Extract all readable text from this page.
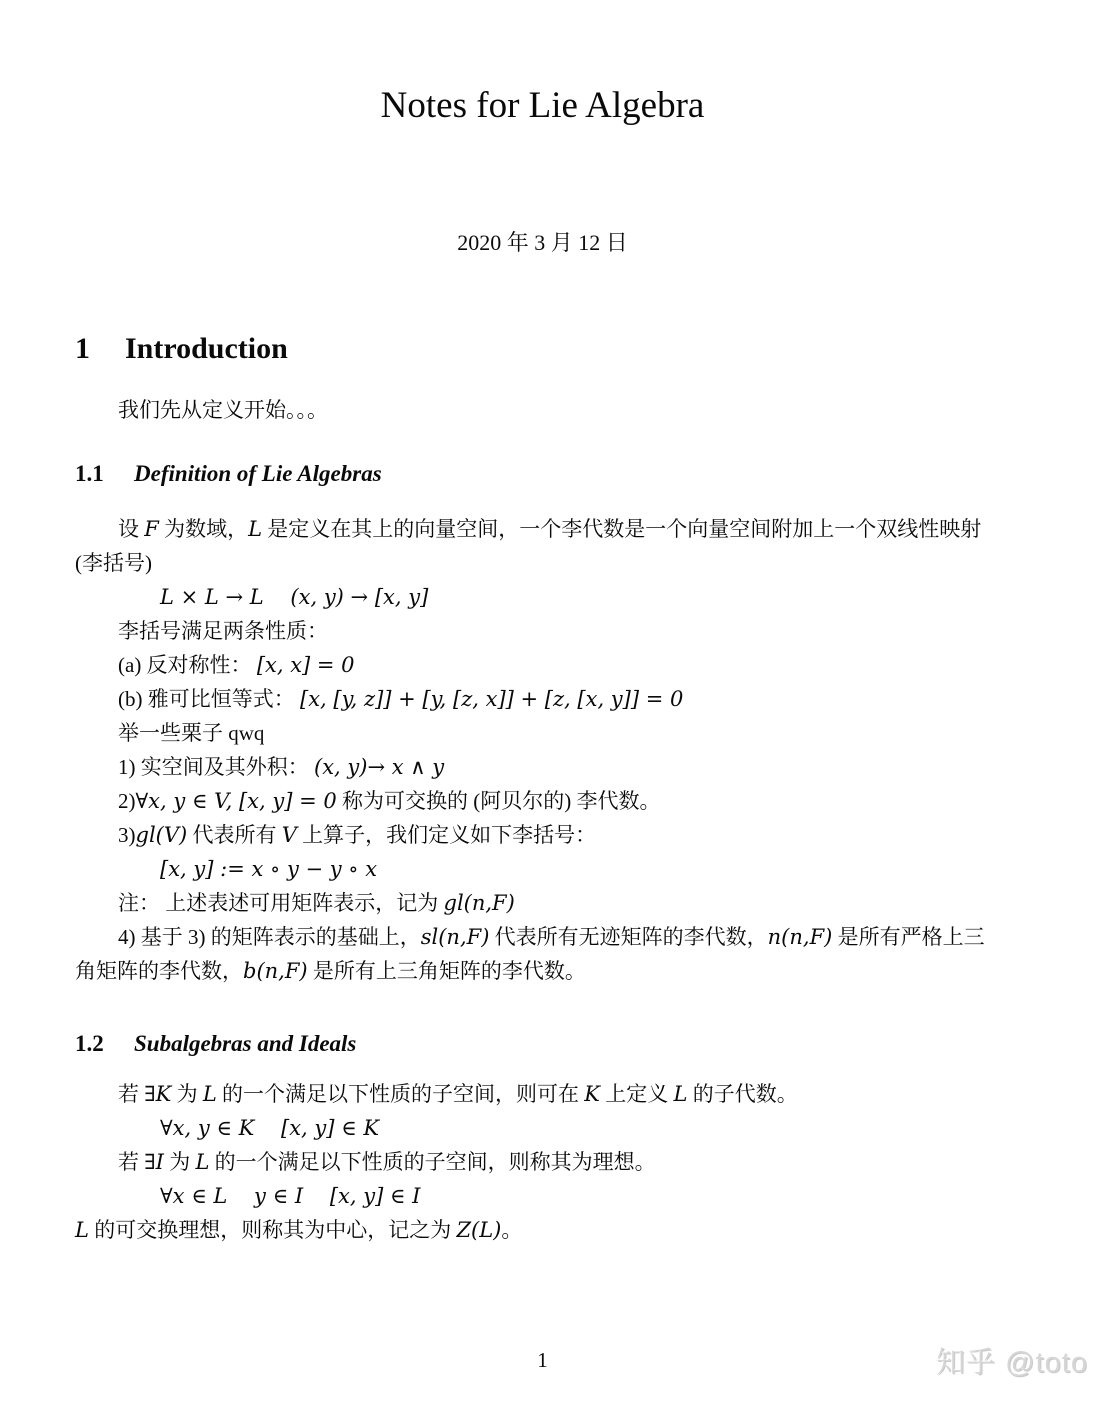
Notes for Lie Algebra
2020 年 3 月 12 日
1	Introduction

我们先从定义开始。。。

1.1	Definition of Lie Algebras

设 F 为数域，L 是定义在其上的向量空间，一个李代数是一个向量空间附加上一个双线性映射

(李括号)

L × L → L    (x, y) → [x, y]

李括号满足两条性质：

(a) 反对称性： [x, x] = 0

(b) 雅可比恒等式： [x, [y, z]] + [y, [z, x]] + [z, [x, y]] = 0

举一些栗子 qwq

1) 实空间及其外积： (x, y)→ x ∧ y

2)∀x, y ∈ V, [x, y] = 0 称为可交换的 (阿贝尔的) 李代数。

3)gl(V) 代表所有 V 上算子，我们定义如下李括号：

[x, y] := x ∘ y − y ∘ x

注： 上述表述可用矩阵表示，记为 gl(n,F)

4) 基于 3) 的矩阵表示的基础上，sl(n,F) 代表所有无迹矩阵的李代数，n(n,F) 是所有严格上三

角矩阵的李代数，b(n,F) 是所有上三角矩阵的李代数。

1.2	Subalgebras and Ideals

若 ∃K 为 L 的一个满足以下性质的子空间，则可在 K 上定义 L 的子代数。

∀x, y ∈ K    [x, y] ∈ K

若 ∃I 为 L 的一个满足以下性质的子空间，则称其为理想。

∀x ∈ L    y ∈ I    [x, y] ∈ I

L 的可交换理想，则称其为中心，记之为 Z(L)。

1	知乎 @toto
